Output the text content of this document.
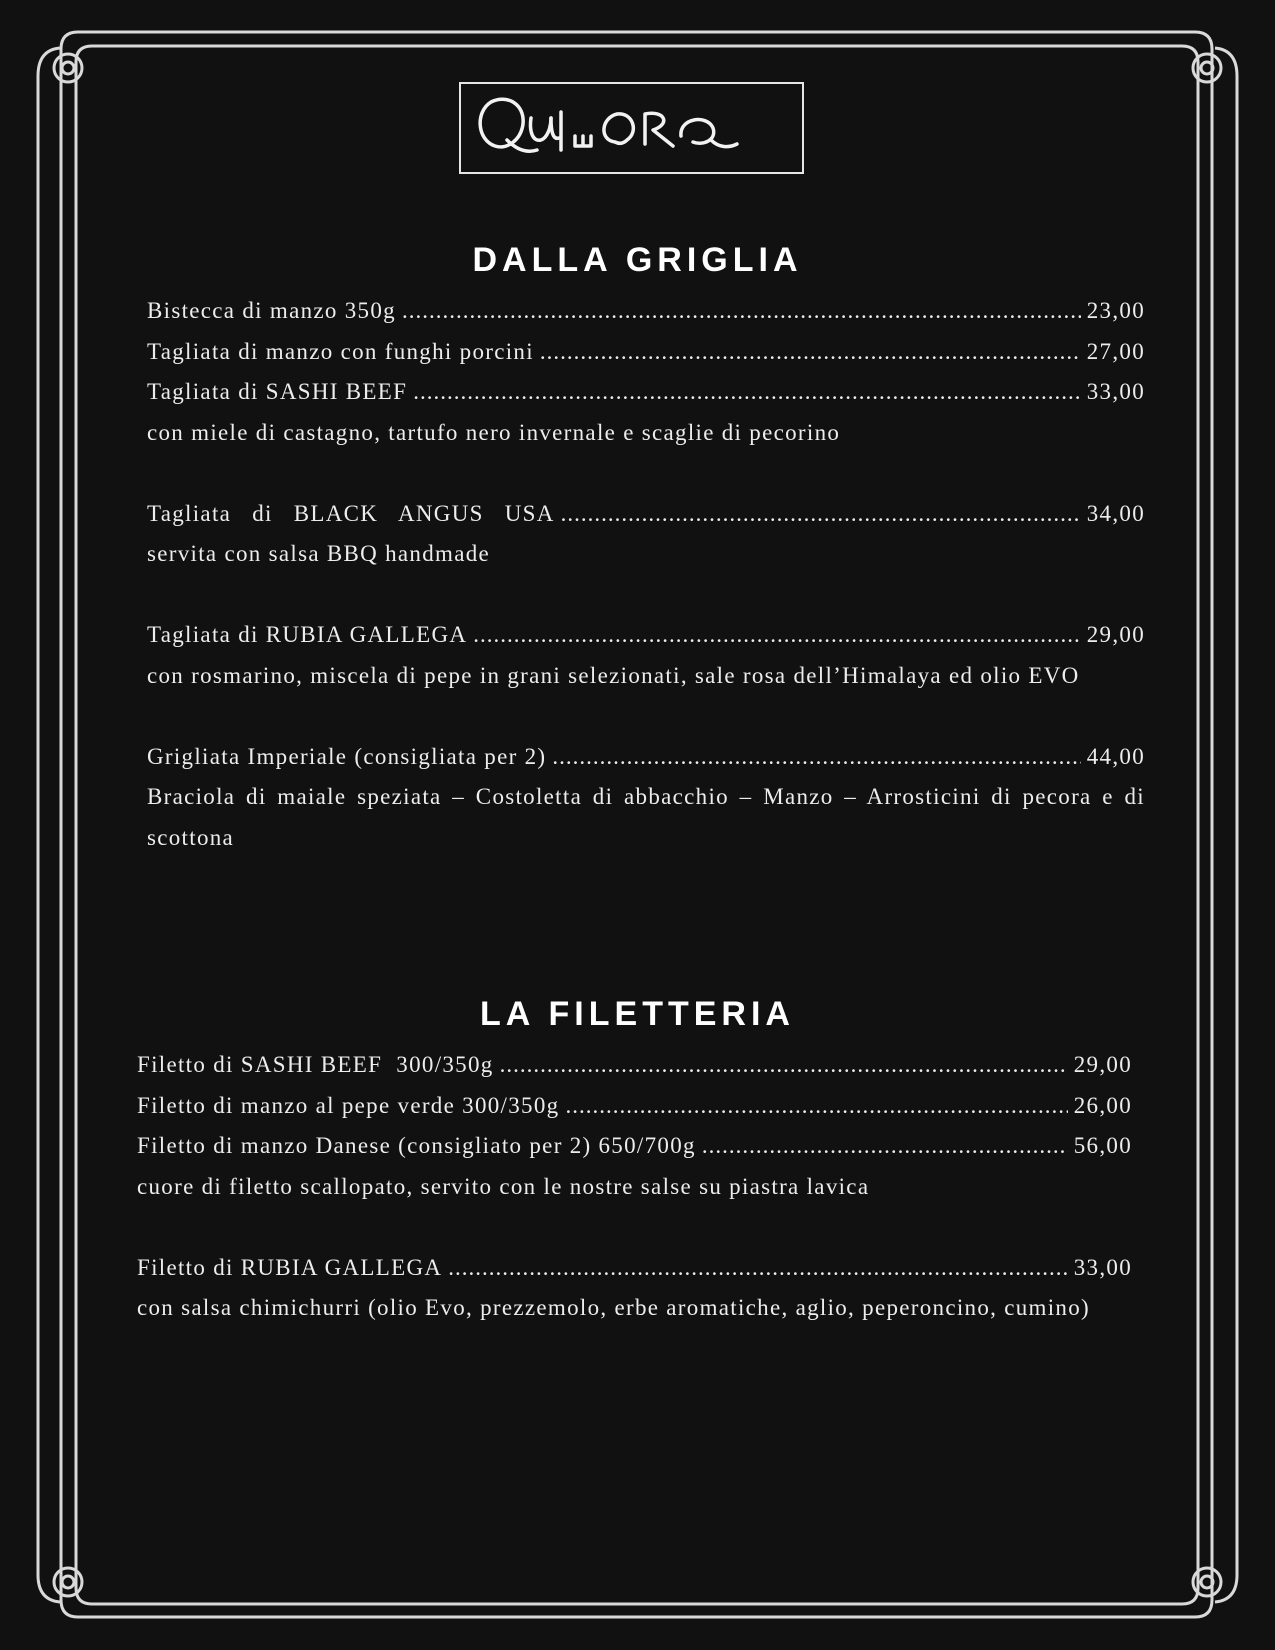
DALLA GRIGLIA
Bistecca di manzo 350g .....	23,00
Tagliata di manzo con funghi porcini .....	27,00
Tagliata di SASHI BEEF .....	33,00
con miele di castagno, tartufo nero invernale e scaglie di pecorino
Tagliata di BLACK ANGUS USA .....	34,00
servita con salsa BBQ handmade
Tagliata di RUBIA GALLEGA .....	29,00
con rosmarino, miscela di pepe in grani selezionati, sale rosa dell’Himalaya ed olio EVO
Grigliata Imperiale (consigliata per 2) .....	44,00
Braciola di maiale speziata – Costoletta di abbacchio – Manzo – Arrosticini di pecora e di scottona
LA FILETTERIA
Filetto di SASHI BEEF  300/350g .....	29,00
Filetto di manzo al pepe verde 300/350g .....	26,00
Filetto di manzo Danese (consigliato per 2) 650/700g .....	56,00
cuore di filetto scallopato, servito con le nostre salse su piastra lavica
Filetto di RUBIA GALLEGA .....	33,00
con salsa chimichurri (olio Evo, prezzemolo, erbe aromatiche, aglio, peperoncino, cumino)
